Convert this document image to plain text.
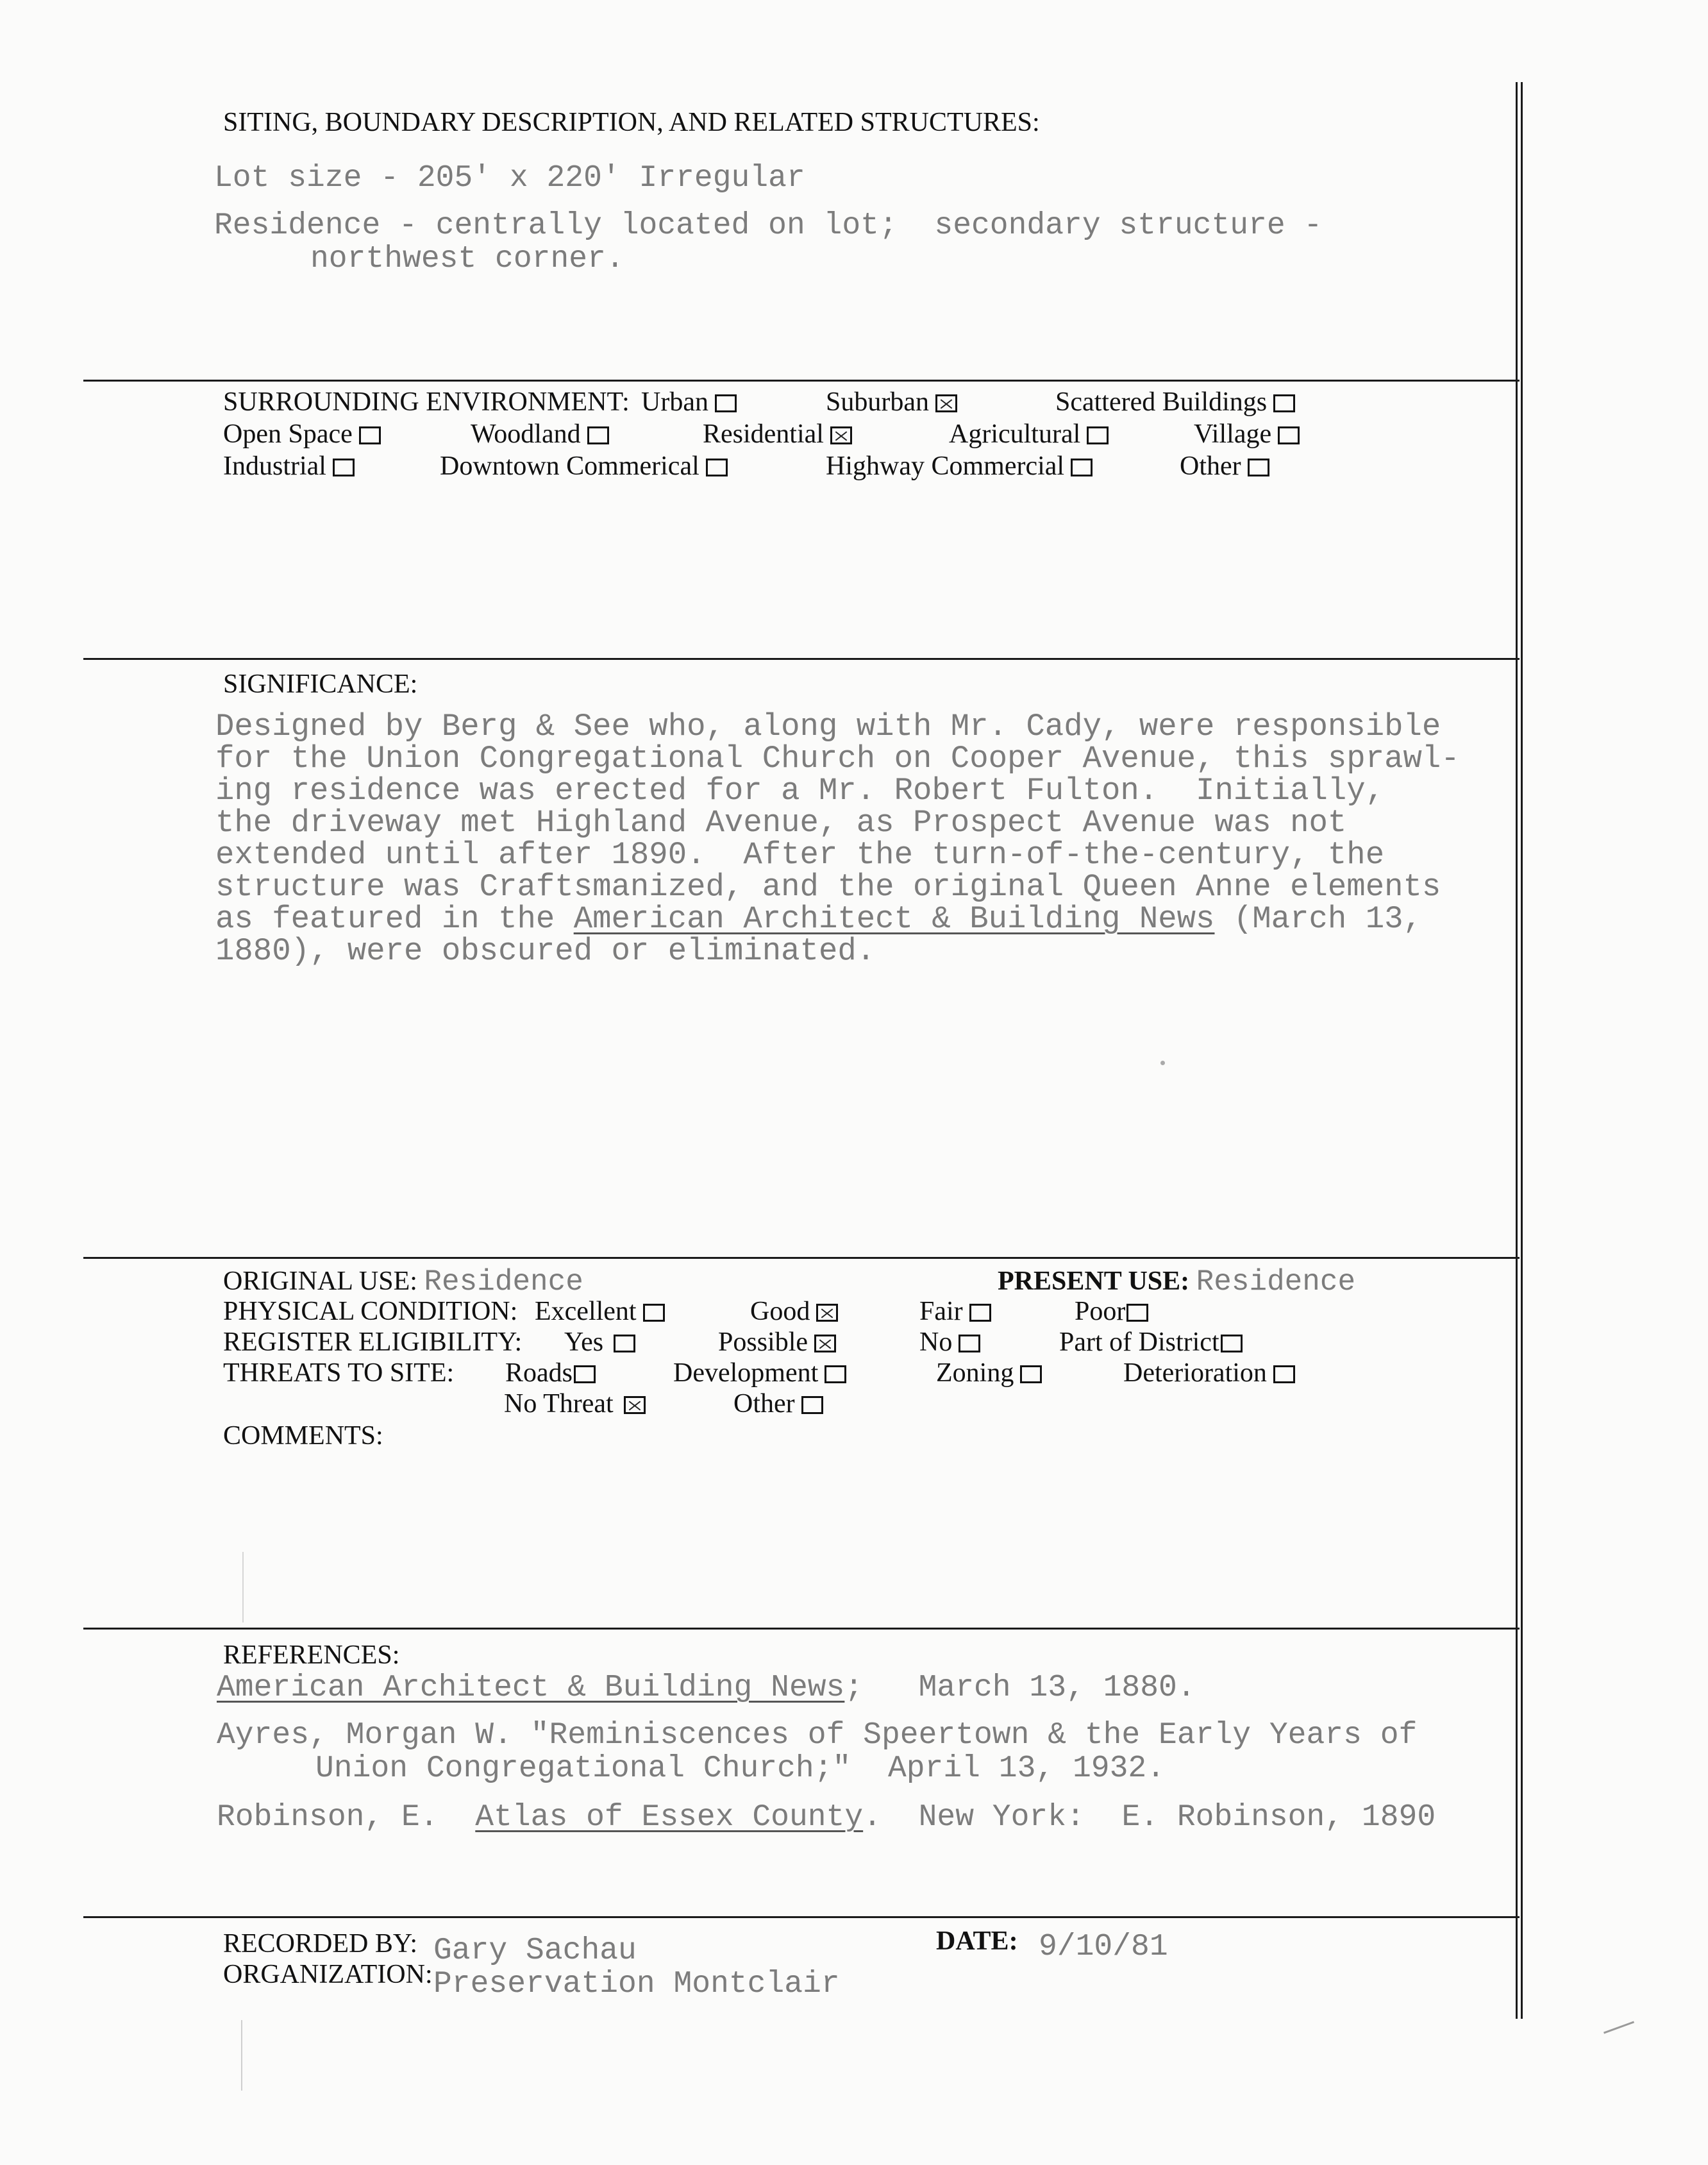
SITING, BOUNDARY DESCRIPTION, AND RELATED STRUCTURES:
Lot size - 205' x 220' Irregular
Residence - centrally located on lot;  secondary structure -
northwest corner.
SURROUNDING ENVIRONMENT: Urban	Suburban	Scattered Buildings
Open Space	Woodland	Residential	Agricultural	Village
Industrial	Downtown Commerical	Highway Commercial	Other
SIGNIFICANCE:
Designed by Berg & See who, along with Mr. Cady, were responsible
for the Union Congregational Church on Cooper Avenue, this sprawl-
ing residence was erected for a Mr. Robert Fulton.  Initially,
the driveway met Highland Avenue, as Prospect Avenue was not
extended until after 1890.  After the turn-of-the-century, the
structure was Craftsmanized, and the original Queen Anne elements
as featured in the American Architect & Building News (March 13,
1880), were obscured or eliminated.
ORIGINAL USE: Residence	PRESENT USE: Residence
PHYSICAL CONDITION: Excellent	Good	Fair	Poor
REGISTER ELIGIBILITY: Yes	Possible	No	Part of District
THREATS TO SITE: Roads	Development	Zoning	Deterioration
No Threat	Other
COMMENTS:
REFERENCES:
American Architect & Building News;   March 13, 1880.
Ayres, Morgan W. "Reminiscences of Speertown & the Early Years of
Union Congregational Church;"  April 13, 1932.
Robinson, E.  Atlas of Essex County.  New York:  E. Robinson, 1890
RECORDED BY: Gary Sachau
ORGANIZATION: Preservation Montclair
DATE: 9/10/81
